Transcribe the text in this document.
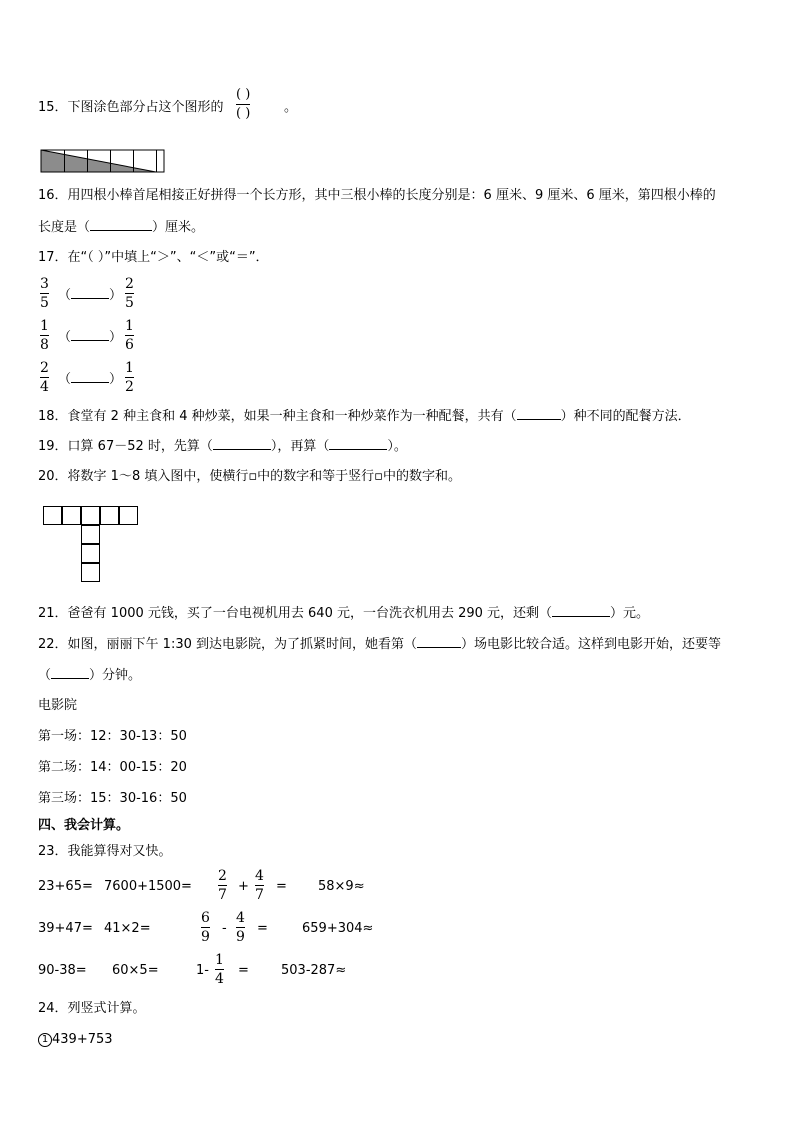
15．下图涂色部分占这个图形的
( )
( )	。
16．用四根小棒首尾相接正好拼得一个长方形，其中三根小棒的长度分别是：6 厘米、9 厘米、6 厘米，第四根小棒的
长度是（	）厘米。
17．在“（ ）”中填上“＞”、“＜”或“＝”．
3
5 （	）
2
5
1
8 （	）
1
6
2
4 （	）
1
2
18．食堂有 2 种主食和 4 种炒菜，如果一种主食和一种炒菜作为一种配餐，共有（	）种不同的配餐方法．
19．口算 67－52 时，先算（	），再算（	）。
20．将数字 1～8 填入图中，使横行▫中的数字和等于竖行▫中的数字和。
21．爸爸有 1000 元钱，买了一台电视机用去 640 元，一台洗衣机用去 290 元，还剩（	）元。
22．如图，丽丽下午 1:30 到达电影院，为了抓紧时间，她看第（	）场电影比较合适。这样到电影开始，还要等
（	）分钟。
电影院
第一场：12：30-13：50
第二场：14：00-15：20
第三场：15：30-16：50
四、我会计算。
23．我能算得对又快。
23+65= 7600+1500=
2
7
+
4
7
= 58×9≈
39+47= 41×2=
6
9
-
4
9
=	659+304≈
90-38= 60×5=	1-
1
4
= 503-287≈
24．列竖式计算。
1 439+753
